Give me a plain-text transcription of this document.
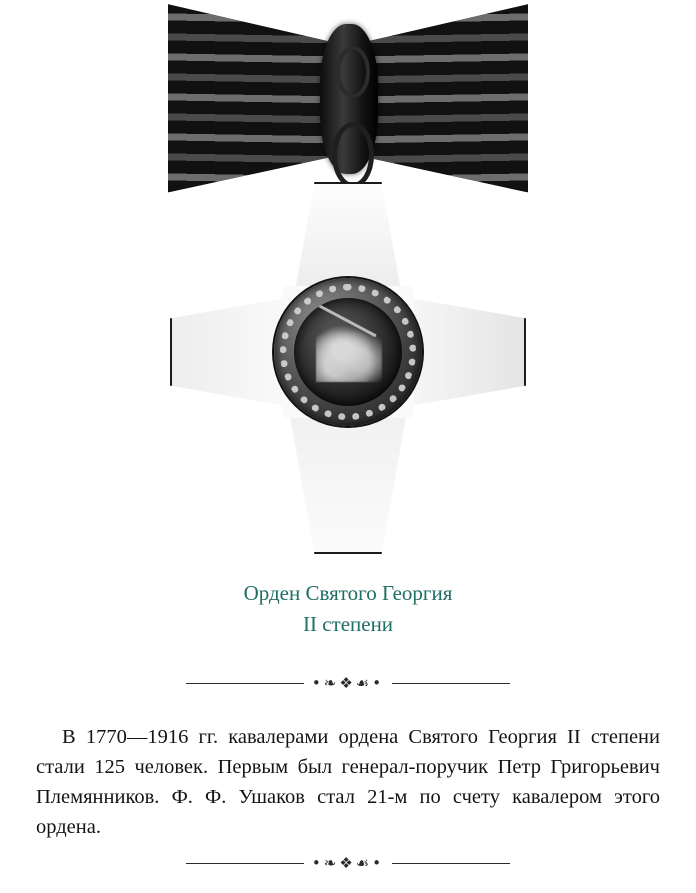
Орден Святого Георгия
II степени
•❧❖☙•

В 1770—1916 гг. кавалерами ордена Святого Георгия II степени стали 125 человек. Первым был генерал-поручик Петр Григорьевич Племянников. Ф. Ф. Ушаков стал 21-м по счету кавалером этого ордена.

•❧❖☙•
